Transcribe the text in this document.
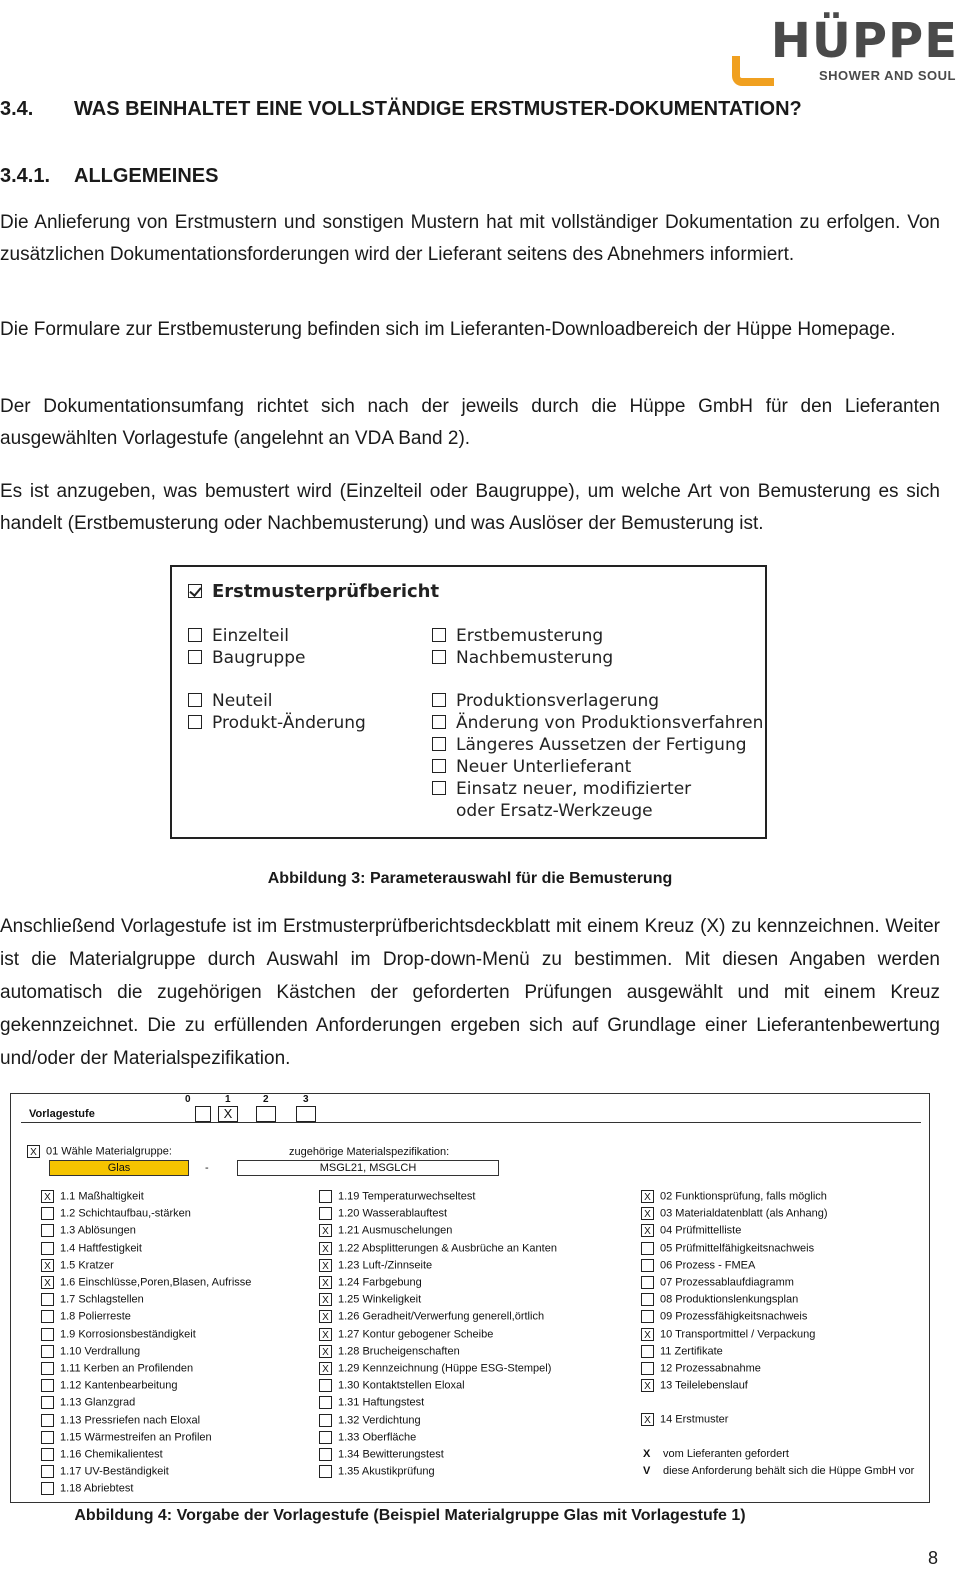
HÜPPE
SHOWER AND SOUL
3.4. WAS BEINHALTET EINE VOLLSTÄNDIGE ERSTMUSTER-DOKUMENTATION?
3.4.1. ALLGEMEINES

Die Anlieferung von Erstmustern und sonstigen Mustern hat mit vollständiger Dokumentation zu erfolgen. Von zusätzlichen Dokumentationsforderungen wird der Lieferant seitens des Abnehmers informiert.

Die Formulare zur Erstbemusterung befinden sich im Lieferanten-Downloadbereich der Hüppe Homepage.

Der Dokumentationsumfang richtet sich nach der jeweils durch die Hüppe GmbH für den Lieferanten ausgewählten Vorlagestufe (angelehnt an VDA Band 2).

Es ist anzugeben, was bemustert wird (Einzelteil oder Baugruppe), um welche Art von Bemusterung es sich handelt (Erstbemusterung oder Nachbemusterung) und was Auslöser der Bemusterung ist.

Erstmusterprüfbericht
Einzelteil
Baugruppe
Neuteil
Produkt-Änderung
Erstbemusterung
Nachbemusterung
Produktionsverlagerung
Änderung von Produktionsverfahren
Längeres Aussetzen der Fertigung
Neuer Unterlieferant
Einsatz neuer, modifizierter
oder Ersatz-Werkzeuge
Abbildung 3: Parameterauswahl für die Bemusterung

Anschließend Vorlagestufe ist im Erstmusterprüfberichtsdeckblatt mit einem Kreuz (X) zu kennzeichnen. Weiter ist die Materialgruppe durch Auswahl im Drop-down-Menü zu bestimmen. Mit diesen Angaben werden automatisch die zugehörigen Kästchen der geforderten Prüfungen ausgewählt und mit einem Kreuz gekennzeichnet. Die zu erfüllenden Anforderungen ergeben sich auf Grundlage einer Lieferantenbewertung und/oder der Materialspezifikation.

Vorlagestufe
0	1	2	3
X
X 01 Wähle Materialgruppe:
Glas	-
zugehörige Materialspezifikation:
MSGL21, MSGLCH
X 1.1 Maßhaltigkeit
1.2 Schichtaufbau,-stärken
1.3 Ablösungen
1.4 Haftfestigkeit
X 1.5 Kratzer
X 1.6 Einschlüsse,Poren,Blasen, Aufrisse
1.7 Schlagstellen
1.8 Polierreste
1.9 Korrosionsbeständigkeit
1.10 Verdrallung
1.11 Kerben an Profilenden
1.12 Kantenbearbeitung
1.13 Glanzgrad
1.13 Pressriefen nach Eloxal
1.15 Wärmestreifen an Profilen
1.16 Chemikalientest
1.17 UV-Beständigkeit
1.18 Abriebtest
1.19 Temperaturwechseltest
1.20 Wasserablauftest
X 1.21 Ausmuschelungen
X 1.22 Absplitterungen & Ausbrüche an Kanten
X 1.23 Luft-/Zinnseite
X 1.24 Farbgebung
X 1.25 Winkeligkeit
X 1.26 Geradheit/Verwerfung generell,örtlich
X 1.27 Kontur gebogener Scheibe
X 1.28 Bruchеigenschaften
X 1.29 Kennzeichnung (Hüppe ESG-Stempel)
1.30 Kontaktstellen Eloxal
1.31 Haftungstest
1.32 Verdichtung
1.33 Oberfläche
1.34 Bewitterungstest
1.35 Akustikprüfung
X 02 Funktionsprüfung, falls möglich
X 03 Materialdatenblatt (als Anhang)
X 04 Prüfmittelliste
05 Prüfmittelfähigkeitsnachweis
06 Prozess - FMEA
07 Prozessablaufdiagramm
08 Produktionslenkungsplan
09 Prozessfähigkeitsnachweis
X 10 Transportmittel / Verpackung
11 Zertifikate
12 Prozessabnahme
X 13 Teilelebenslauf
X 14 Erstmuster
X vom Lieferanten gefordert
V diese Anforderung behält sich die Hüppe GmbH vor
Abbildung 4: Vorgabe der Vorlagestufe (Beispiel Materialgruppe Glas mit Vorlagestufe 1)
8
